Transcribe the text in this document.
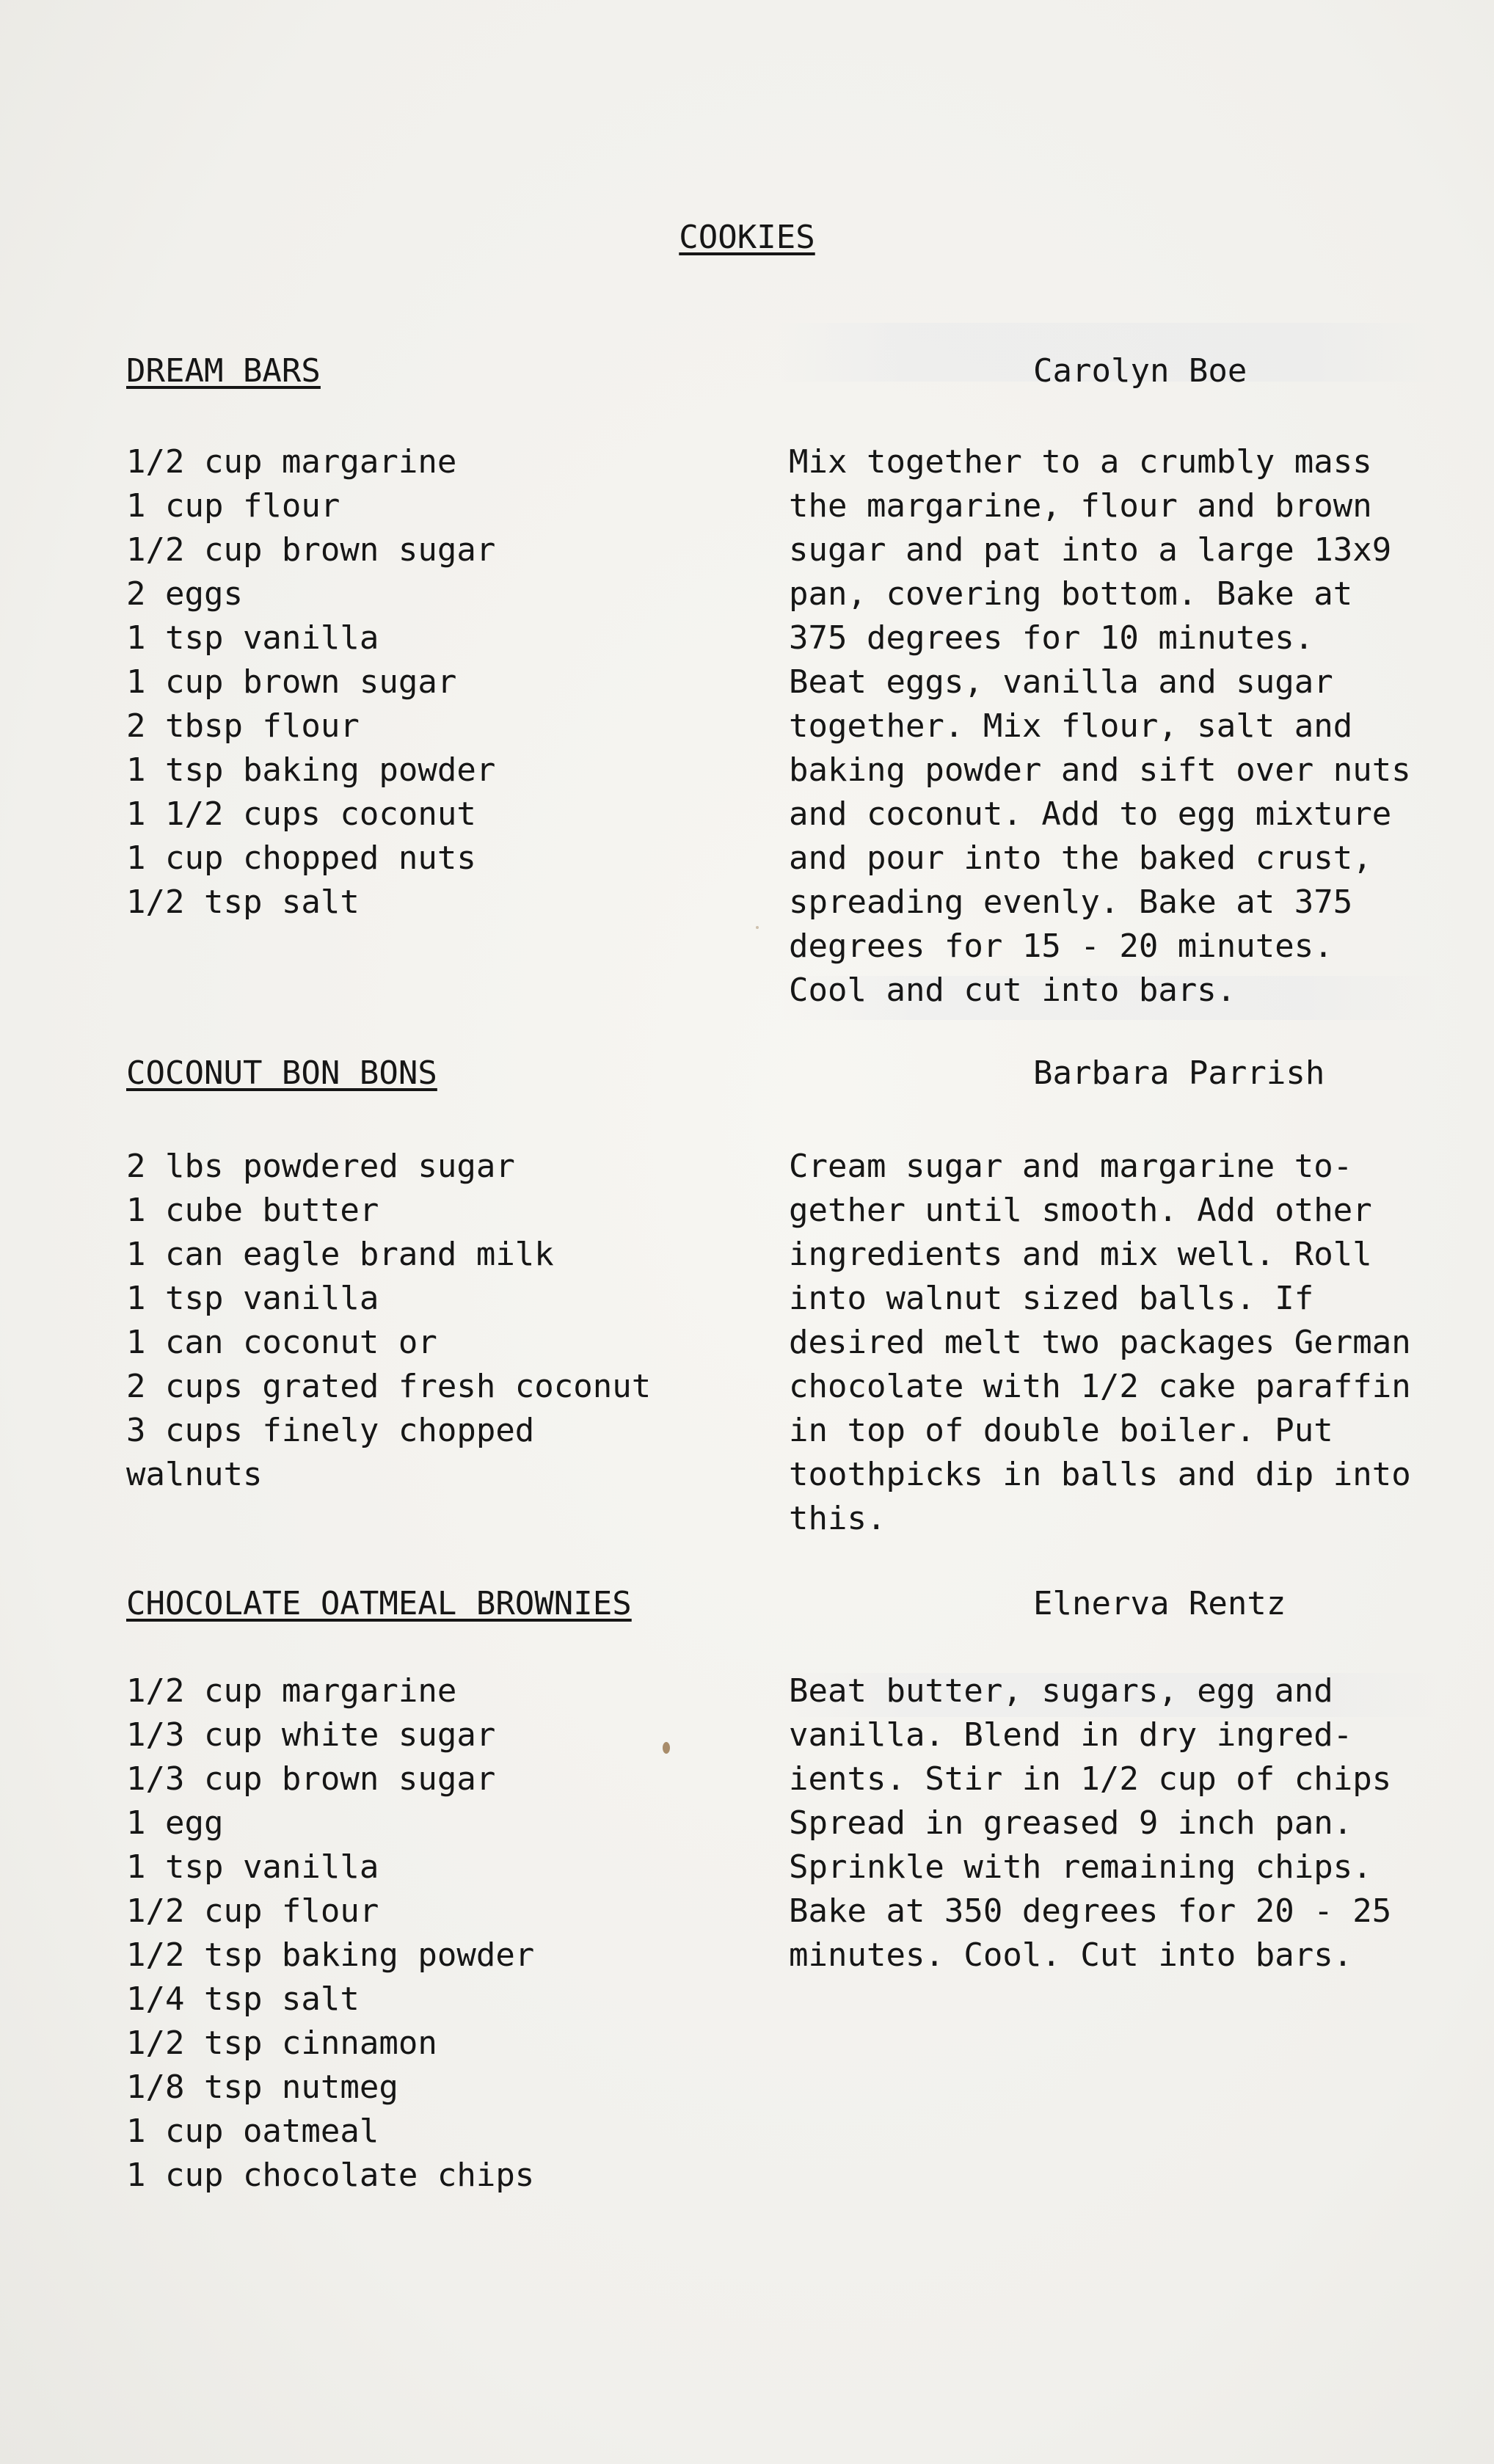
COOKIES
DREAM BARS	Carolyn Boe
1/2 cup margarine
1 cup flour
1/2 cup brown sugar
2 eggs
1 tsp vanilla
1 cup brown sugar
2 tbsp flour
1 tsp baking powder
1 1/2 cups coconut
1 cup chopped nuts
1/2 tsp salt
Mix together to a crumbly mass
the margarine, flour and brown
sugar and pat into a large 13x9
pan, covering bottom. Bake at
375 degrees for 10 minutes.
Beat eggs, vanilla and sugar
together. Mix flour, salt and
baking powder and sift over nuts
and coconut. Add to egg mixture
and pour into the baked crust,
spreading evenly. Bake at 375
degrees for 15 - 20 minutes.
Cool and cut into bars.
COCONUT BON BONS	Barbara Parrish
2 lbs powdered sugar
1 cube butter
1 can eagle brand milk
1 tsp vanilla
1 can coconut or
2 cups grated fresh coconut
3 cups finely chopped
walnuts
Cream sugar and margarine to-
gether until smooth. Add other
ingredients and mix well. Roll
into walnut sized balls. If
desired melt two packages German
chocolate with 1/2 cake paraffin
in top of double boiler. Put
toothpicks in balls and dip into
this.
CHOCOLATE OATMEAL BROWNIES	Elnerva Rentz
1/2 cup margarine
1/3 cup white sugar
1/3 cup brown sugar
1 egg
1 tsp vanilla
1/2 cup flour
1/2 tsp baking powder
1/4 tsp salt
1/2 tsp cinnamon
1/8 tsp nutmeg
1 cup oatmeal
1 cup chocolate chips
Beat butter, sugars, egg and
vanilla. Blend in dry ingred-
ients. Stir in 1/2 cup of chips
Spread in greased 9 inch pan.
Sprinkle with remaining chips.
Bake at 350 degrees for 20 - 25
minutes. Cool. Cut into bars.
